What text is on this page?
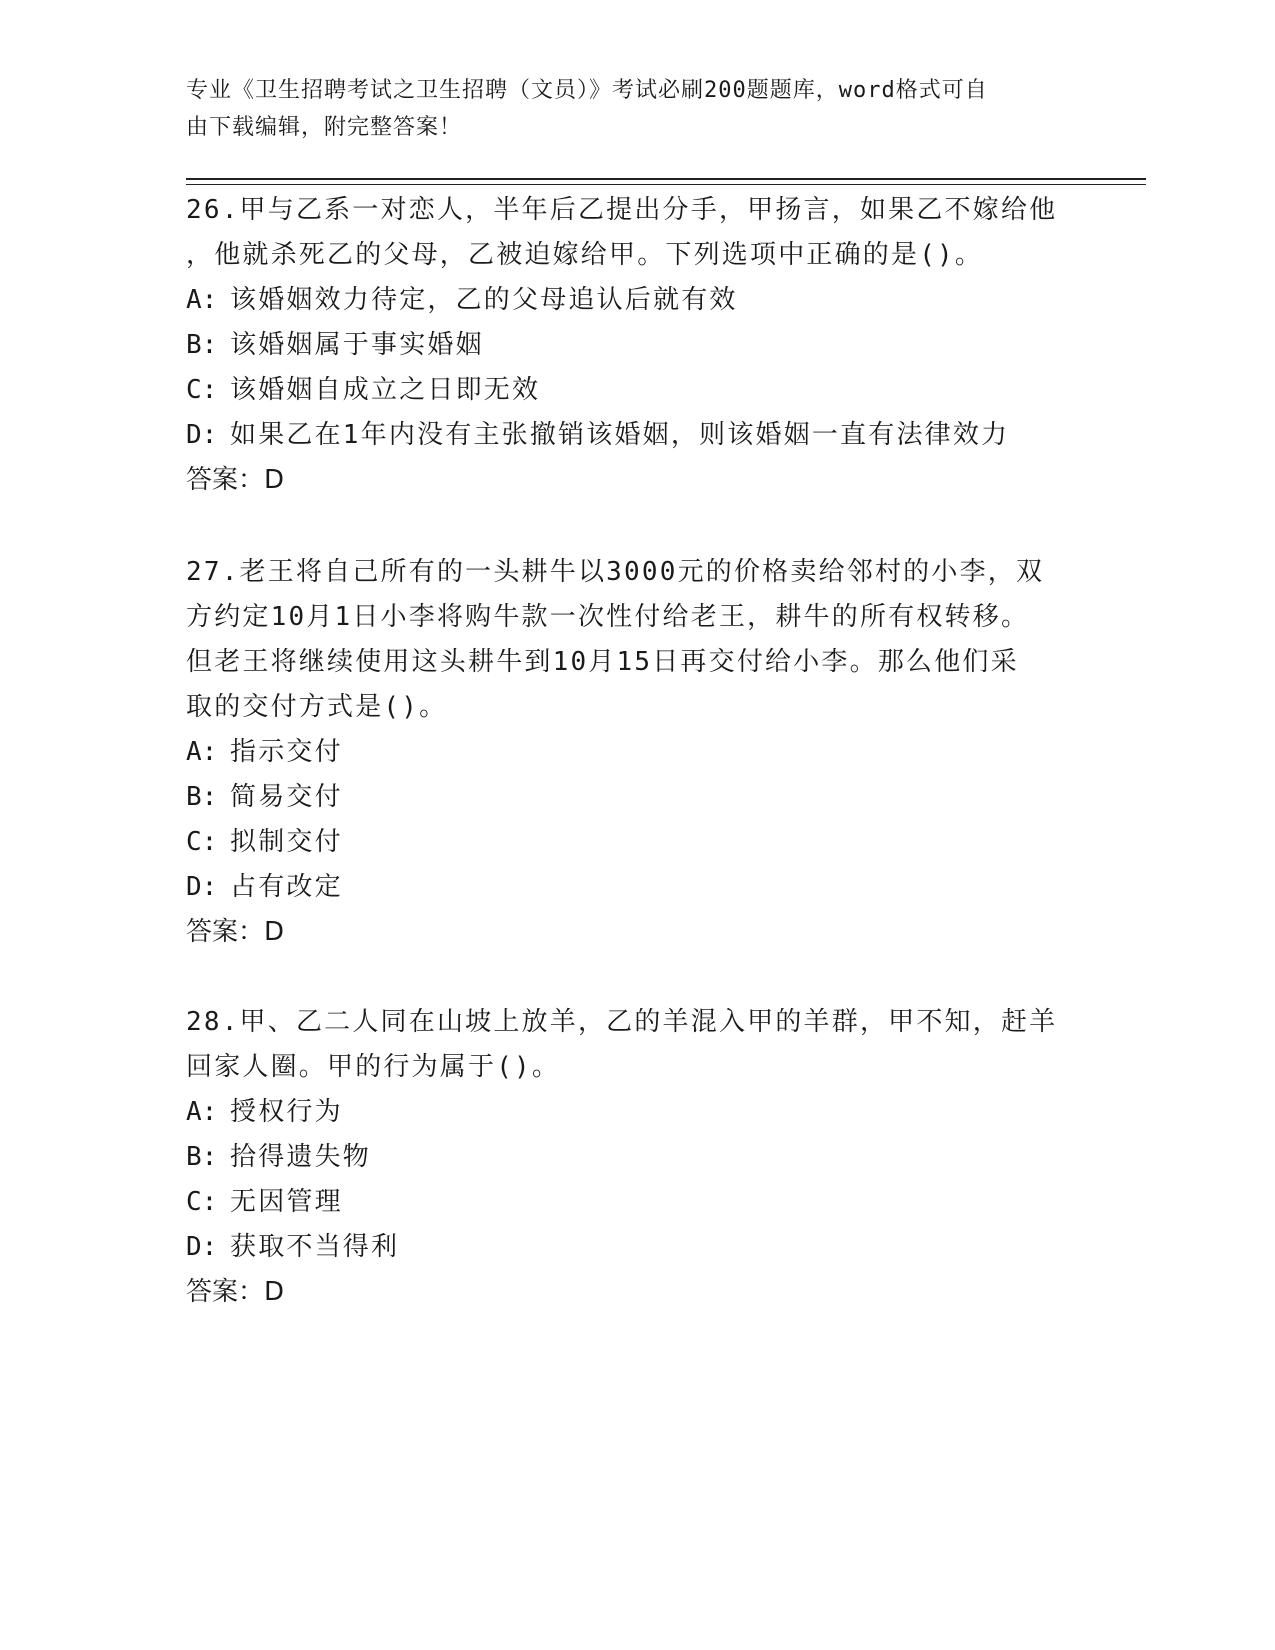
专业《卫生招聘考试之卫生招聘（文员）》考试必刷200题题库，word格式可自
由下载编辑，附完整答案！
26.甲与乙系一对恋人，半年后乙提出分手，甲扬言，如果乙不嫁给他
，他就杀死乙的父母，乙被迫嫁给甲。下列选项中正确的是()。
A: 该婚姻效力待定，乙的父母追认后就有效
B: 该婚姻属于事实婚姻
C: 该婚姻自成立之日即无效
D: 如果乙在1年内没有主张撤销该婚姻，则该婚姻一直有法律效力
答案：D
27.老王将自己所有的一头耕牛以3000元的价格卖给邻村的小李，双
方约定10月1日小李将购牛款一次性付给老王，耕牛的所有权转移。
但老王将继续使用这头耕牛到10月15日再交付给小李。那么他们采
取的交付方式是()。
A: 指示交付
B: 简易交付
C: 拟制交付
D: 占有改定
答案：D
28.甲、乙二人同在山坡上放羊，乙的羊混入甲的羊群，甲不知，赶羊
回家人圈。甲的行为属于()。
A: 授权行为
B: 拾得遗失物
C: 无因管理
D: 获取不当得利
答案：D
